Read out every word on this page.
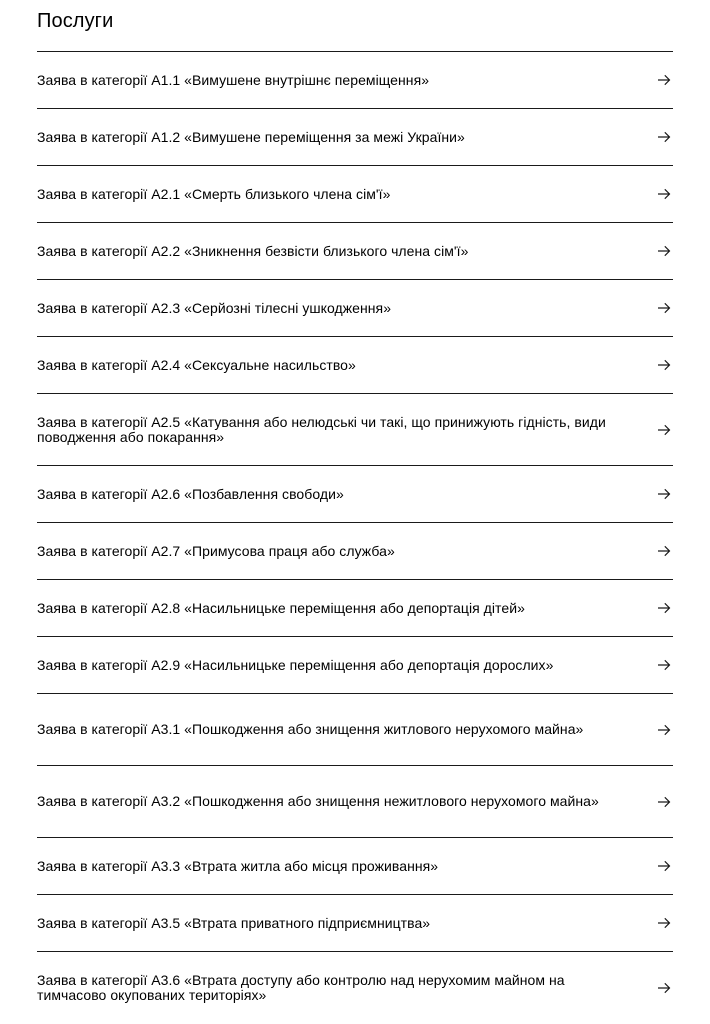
Послуги
Заява в категорії А1.1 «Вимушене внутрішнє переміщення»
Заява в категорії А1.2 «Вимушене переміщення за межі України»
Заява в категорії А2.1 «Смерть близького члена сім'ї»
Заява в категорії А2.2 «Зникнення безвісти близького члена сім'ї»
Заява в категорії А2.3 «Серйозні тілесні ушкодження»
Заява в категорії А2.4 «Сексуальне насильство»
Заява в категорії А2.5 «Катування або нелюдські чи такі, що принижують гідність, види поводження або покарання»
Заява в категорії А2.6 «Позбавлення свободи»
Заява в категорії А2.7 «Примусова праця або служба»
Заява в категорії А2.8 «Насильницьке переміщення або депортація дітей»
Заява в категорії А2.9 «Насильницьке переміщення або депортація дорослих»
Заява в категорії А3.1 «Пошкодження або знищення житлового нерухомого майна»
Заява в категорії А3.2 «Пошкодження або знищення нежитлового нерухомого майна»
Заява в категорії А3.3 «Втрата житла або місця проживання»
Заява в категорії А3.5 «Втрата приватного підприємництва»
Заява в категорії А3.6 «Втрата доступу або контролю над нерухомим майном на тимчасово окупованих територіях»
